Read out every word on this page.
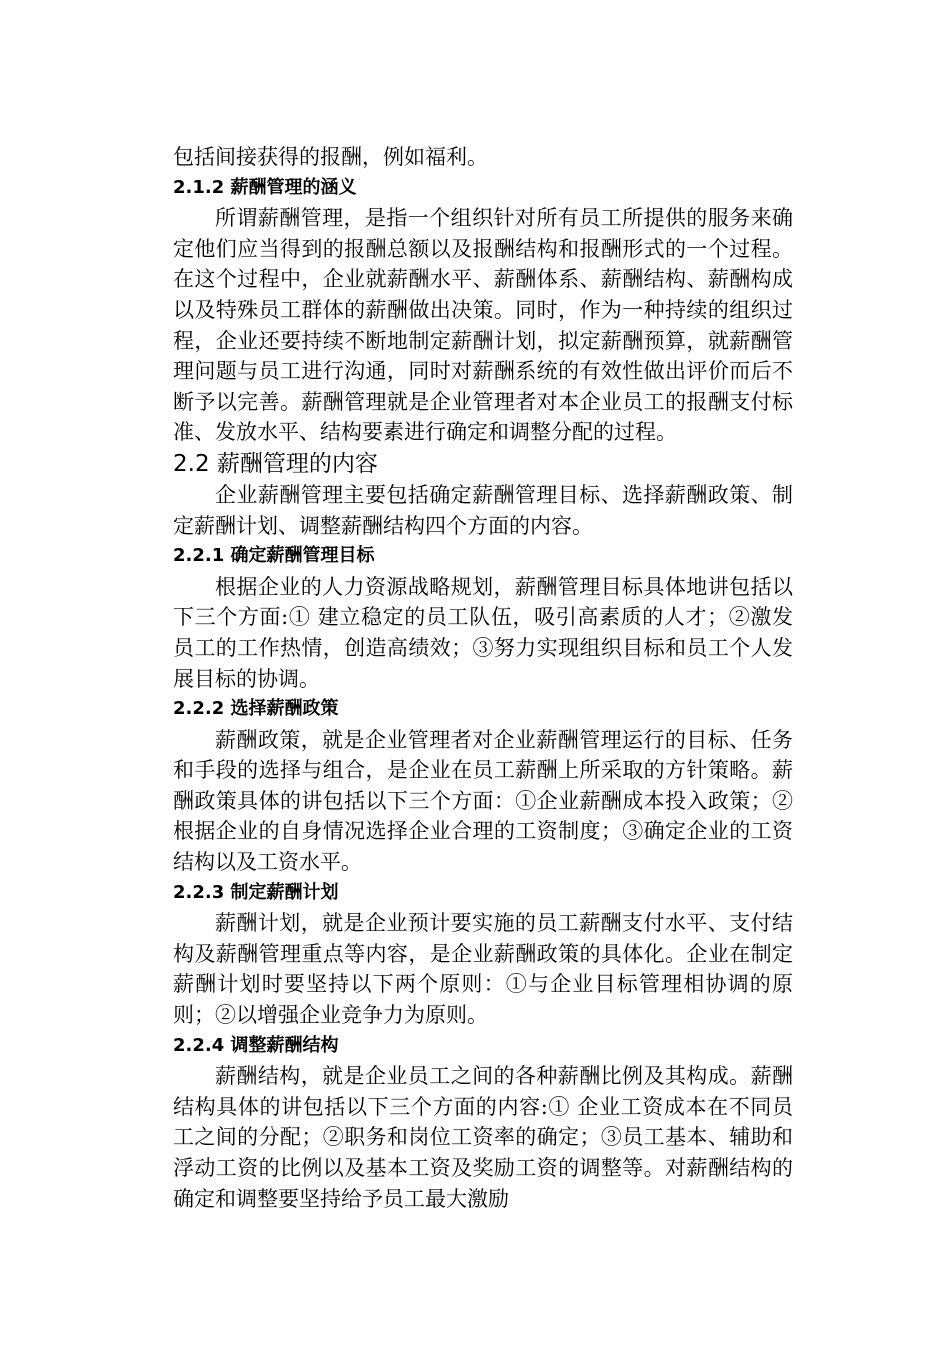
包括间接获得的报酬，例如福利。

2.1.2 薪酬管理的涵义

所谓薪酬管理，是指一个组织针对所有员工所提供的服务来确定他们应当得到的报酬总额以及报酬结构和报酬形式的一个过程。在这个过程中，企业就薪酬水平、薪酬体系、薪酬结构、薪酬构成以及特殊员工群体的薪酬做出决策。同时，作为一种持续的组织过程，企业还要持续不断地制定薪酬计划，拟定薪酬预算，就薪酬管理问题与员工进行沟通，同时对薪酬系统的有效性做出评价而后不断予以完善。薪酬管理就是企业管理者对本企业员工的报酬支付标准、发放水平、结构要素进行确定和调整分配的过程。

2.2 薪酬管理的内容

企业薪酬管理主要包括确定薪酬管理目标、选择薪酬政策、制定薪酬计划、调整薪酬结构四个方面的内容。

2.2.1 确定薪酬管理目标

根据企业的人力资源战略规划，薪酬管理目标具体地讲包括以下三个方面:① 建立稳定的员工队伍，吸引高素质的人才；②激发员工的工作热情，创造高绩效；③努力实现组织目标和员工个人发展目标的协调。

2.2.2 选择薪酬政策

薪酬政策，就是企业管理者对企业薪酬管理运行的目标、任务和手段的选择与组合，是企业在员工薪酬上所采取的方针策略。薪酬政策具体的讲包括以下三个方面：①企业薪酬成本投入政策；②根据企业的自身情况选择企业合理的工资制度；③确定企业的工资结构以及工资水平。

2.2.3 制定薪酬计划

薪酬计划，就是企业预计要实施的员工薪酬支付水平、支付结构及薪酬管理重点等内容，是企业薪酬政策的具体化。企业在制定薪酬计划时要坚持以下两个原则：①与企业目标管理相协调的原则；②以增强企业竞争力为原则。

2.2.4 调整薪酬结构

薪酬结构，就是企业员工之间的各种薪酬比例及其构成。薪酬结构具体的讲包括以下三个方面的内容:① 企业工资成本在不同员工之间的分配；②职务和岗位工资率的确定；③员工基本、辅助和浮动工资的比例以及基本工资及奖励工资的调整等。对薪酬结构的确定和调整要坚持给予员工最大激励
